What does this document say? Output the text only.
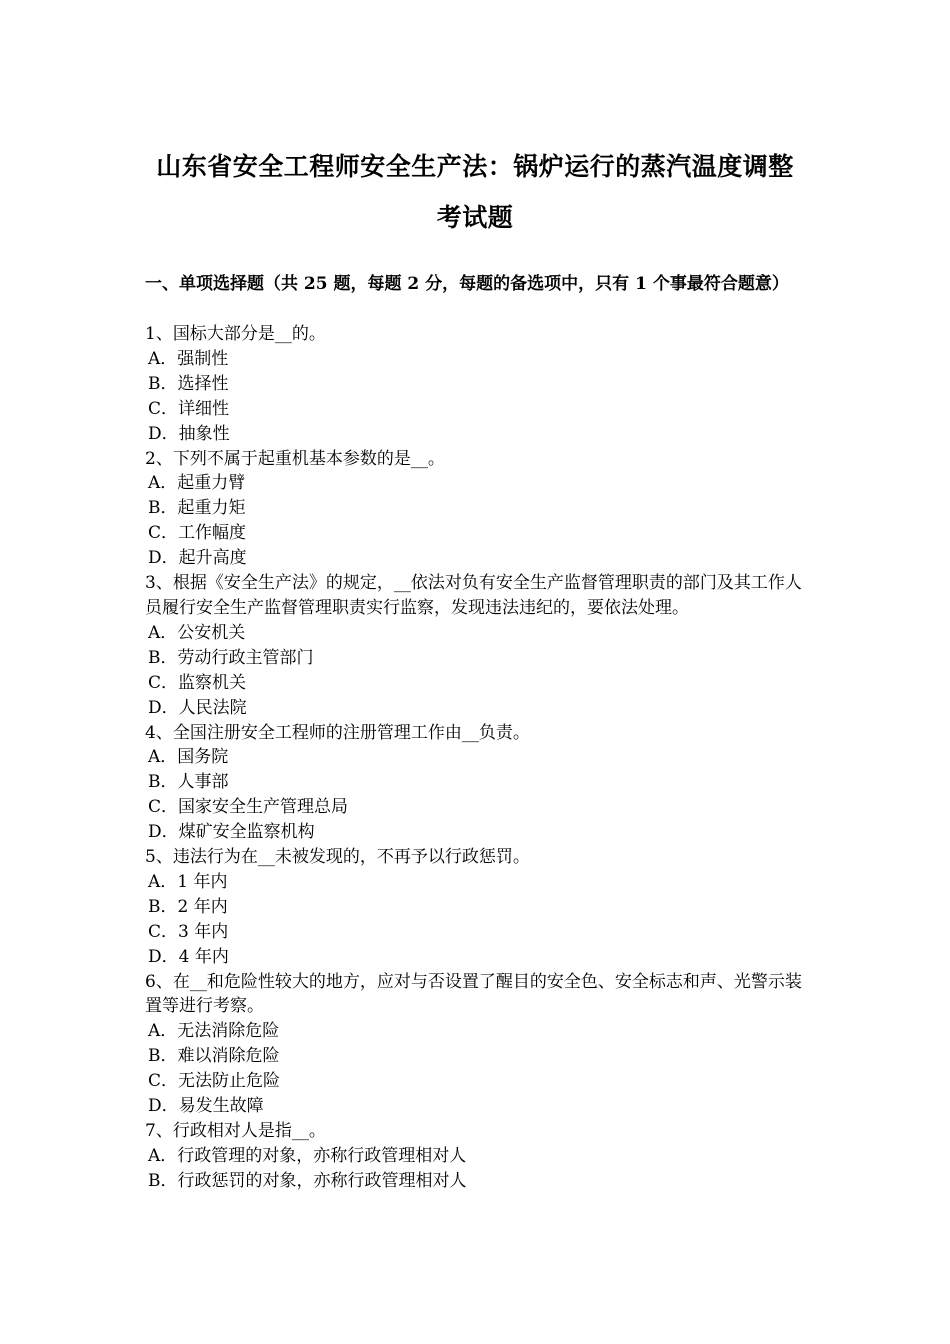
山东省安全工程师安全生产法：锅炉运行的蒸汽温度调整
考试题
一、单项选择题（共 25 题，每题 2 分，每题的备选项中，只有 1 个事最符合题意）

1、国标大部分是__的。

A． 强制性

B． 选择性

C． 详细性

D． 抽象性

2、下列不属于起重机基本参数的是__。

A． 起重力臂

B． 起重力矩

C． 工作幅度

D． 起升高度

3、根据《安全生产法》的规定，__依法对负有安全生产监督管理职责的部门及其工作人员履行安全生产监督管理职责实行监察，发现违法违纪的，要依法处理。

A． 公安机关

B． 劳动行政主管部门

C． 监察机关

D． 人民法院

4、全国注册安全工程师的注册管理工作由__负责。

A． 国务院

B． 人事部

C． 国家安全生产管理总局

D． 煤矿安全监察机构

5、违法行为在__未被发现的，不再予以行政惩罚。

A． 1 年内

B． 2 年内

C． 3 年内

D． 4 年内

6、在__和危险性较大的地方，应对与否设置了醒目的安全色、安全标志和声、光警示装置等进行考察。

A． 无法消除危险

B． 难以消除危险

C． 无法防止危险

D． 易发生故障

7、行政相对人是指__。

A． 行政管理的对象，亦称行政管理相对人

B． 行政惩罚的对象，亦称行政管理相对人
